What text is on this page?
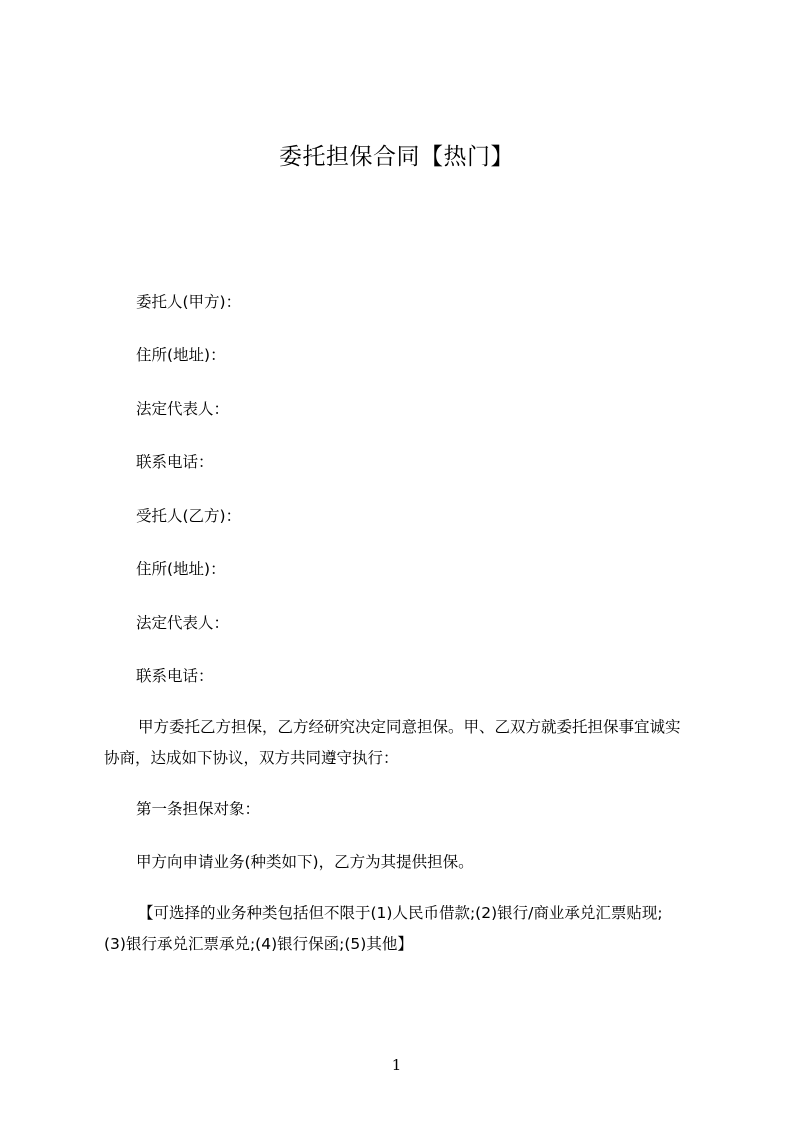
委托担保合同【热门】
委托人(甲方)：
住所(地址)：
法定代表人：
联系电话：
受托人(乙方)：
住所(地址)：
法定代表人：
联系电话：
甲方委托乙方担保，乙方经研究决定同意担保。甲、乙双方就委托担保事宜诚实
协商，达成如下协议，双方共同遵守执行：
第一条担保对象：
甲方向申请业务(种类如下)，乙方为其提供担保。
【可选择的业务种类包括但不限于(1)人民币借款;(2)银行/商业承兑汇票贴现;
(3)银行承兑汇票承兑;(4)银行保函;(5)其他】
1
